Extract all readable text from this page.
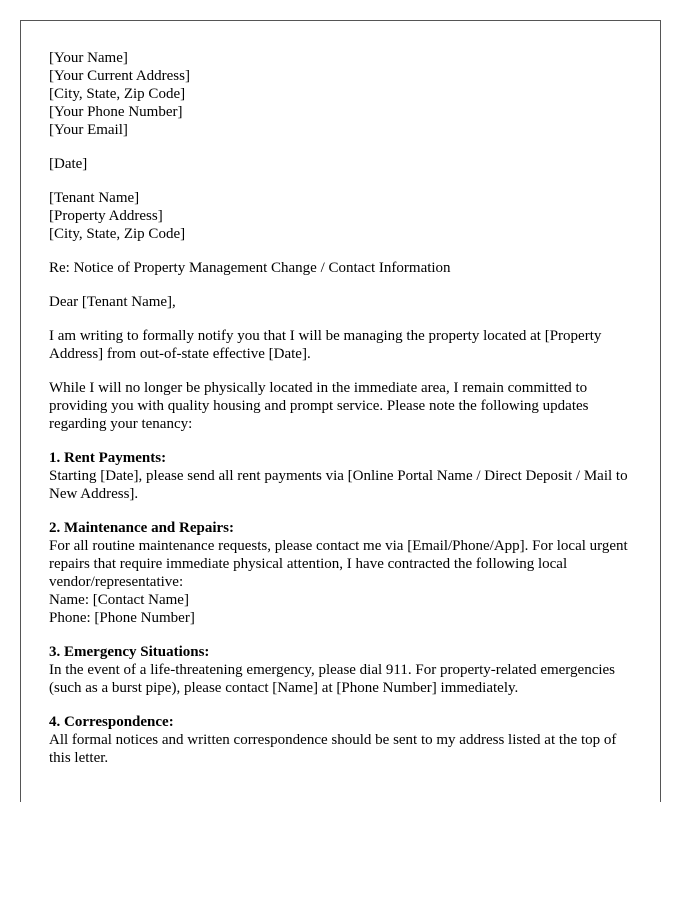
[Your Name]
[Your Current Address]
[City, State, Zip Code]
[Your Phone Number]
[Your Email]
[Date]
[Tenant Name]
[Property Address]
[City, State, Zip Code]

Re: Notice of Property Management Change / Contact Information

Dear [Tenant Name],

I am writing to formally notify you that I will be managing the property located at [Property Address] from out-of-state effective [Date].

While I will no longer be physically located in the immediate area, I remain committed to providing you with quality housing and prompt service. Please note the following updates regarding your tenancy:

1. Rent Payments:
Starting [Date], please send all rent payments via [Online Portal Name / Direct Deposit / Mail to New Address].
2. Maintenance and Repairs:
For all routine maintenance requests, please contact me via [Email/Phone/App]. For local urgent repairs that require immediate physical attention, I have contracted the following local vendor/representative:
Name: [Contact Name]
Phone: [Phone Number]
3. Emergency Situations:
In the event of a life-threatening emergency, please dial 911. For property-related emergencies (such as a burst pipe), please contact [Name] at [Phone Number] immediately.
4. Correspondence:
All formal notices and written correspondence should be sent to my address listed at the top of this letter.
